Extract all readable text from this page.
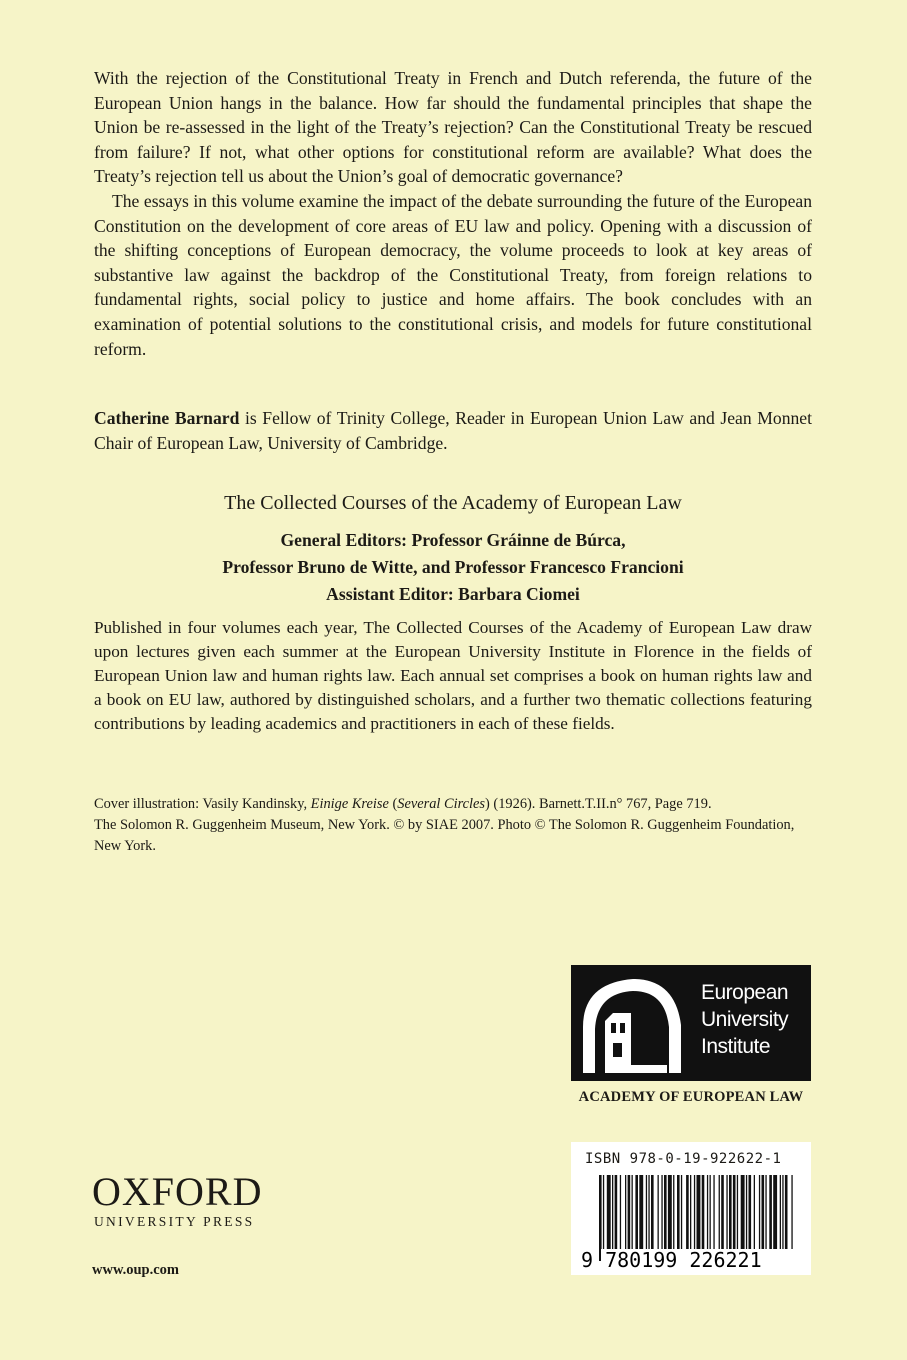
With the rejection of the Constitutional Treaty in French and Dutch referenda, the future of the European Union hangs in the balance. How far should the fundamental principles that shape the Union be re-assessed in the light of the Treaty’s rejection? Can the Constitutional Treaty be rescued from failure? If not, what other options for constitutional reform are available? What does the Treaty’s rejection tell us about the Union’s goal of democratic governance?

The essays in this volume examine the impact of the debate surrounding the future of the European Constitution on the development of core areas of EU law and policy. Opening with a discussion of the shifting conceptions of European democracy, the volume proceeds to look at key areas of substantive law against the backdrop of the Constitutional Treaty, from foreign relations to fundamental rights, social policy to justice and home affairs. The book concludes with an examination of potential solutions to the constitutional crisis, and models for future constitutional reform.

Catherine Barnard is Fellow of Trinity College, Reader in European Union Law and Jean Monnet Chair of European Law, University of Cambridge.
The Collected Courses of the Academy of European Law
General Editors: Professor Gráinne de Búrca,
Professor Bruno de Witte, and Professor Francesco Francioni
Assistant Editor: Barbara Ciomei
Published in four volumes each year, The Collected Courses of the Academy of European Law draw upon lectures given each summer at the European University Institute in Florence in the fields of European Union law and human rights law. Each annual set comprises a book on human rights law and a book on EU law, authored by distinguished scholars, and a further two thematic collections featuring contributions by leading academics and practitioners in each of these fields.
Cover illustration: Vasily Kandinsky, Einige Kreise (Several Circles) (1926). Barnett.T.II.n° 767, Page 719.
The Solomon R. Guggenheim Museum, New York. © by SIAE 2007. Photo © The Solomon R. Guggenheim Foundation, New York.
European
University
Institute
ACADEMY OF EUROPEAN LAW
ISBN 978-0-19-922622-1
9 780199 226221
OXFORD
UNIVERSITY PRESS
www.oup.com
